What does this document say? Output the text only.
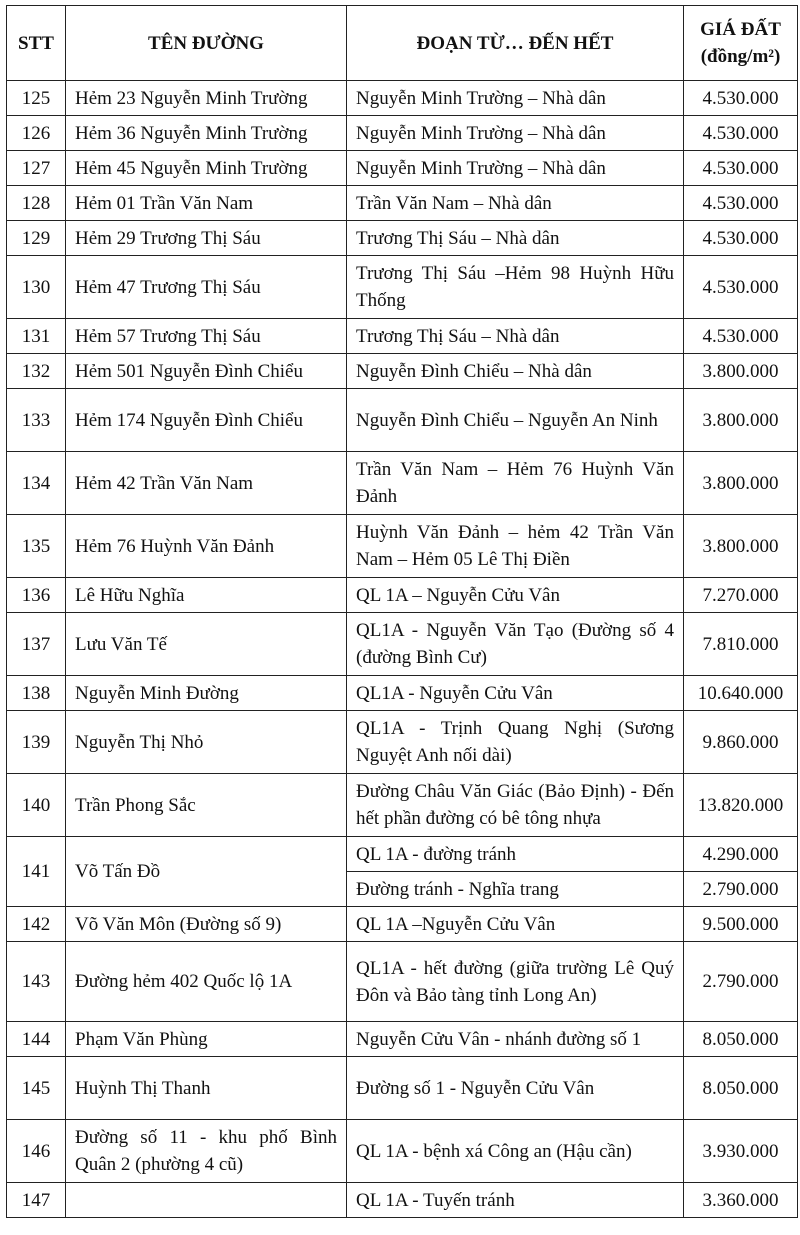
STT	TÊN ĐƯỜNG	ĐOẠN TỪ… ĐẾN HẾT	GIÁ ĐẤT
(đồng/m²)

125	Hẻm 23 Nguyễn Minh Trường	Nguyễn Minh Trường – Nhà dân	4.530.000
126	Hẻm 36 Nguyễn Minh Trường	Nguyễn Minh Trường – Nhà dân	4.530.000
127	Hẻm 45 Nguyễn Minh Trường	Nguyễn Minh Trường – Nhà dân	4.530.000
128	Hẻm 01 Trần Văn Nam	Trần Văn Nam – Nhà dân	4.530.000
129	Hẻm 29 Trương Thị Sáu	Trương Thị Sáu – Nhà dân	4.530.000
130	Hẻm 47 Trương Thị Sáu	Trương Thị Sáu –Hẻm 98 Huỳnh Hữu Thống	4.530.000
131	Hẻm 57 Trương Thị Sáu	Trương Thị Sáu – Nhà dân	4.530.000
132	Hẻm 501 Nguyễn Đình Chiểu	Nguyễn Đình Chiểu – Nhà dân	3.800.000
133	Hẻm 174 Nguyễn Đình Chiểu	Nguyễn Đình Chiểu – Nguyễn An Ninh	3.800.000
134	Hẻm 42 Trần Văn Nam	Trần Văn Nam – Hẻm 76 Huỳnh Văn Đảnh	3.800.000
135	Hẻm 76 Huỳnh Văn Đảnh	Huỳnh Văn Đảnh – hẻm 42 Trần Văn Nam – Hẻm 05 Lê Thị Điền	3.800.000
136	Lê Hữu Nghĩa	QL 1A – Nguyễn Cửu Vân	7.270.000
137	Lưu Văn Tế	QL1A - Nguyễn Văn Tạo (Đường số 4 (đường Bình Cư)	7.810.000
138	Nguyễn Minh Đường	QL1A - Nguyễn Cửu Vân	10.640.000
139	Nguyễn Thị Nhỏ	QL1A - Trịnh Quang Nghị (Sương Nguyệt Anh nối dài)	9.860.000
140	Trần Phong Sắc	Đường Châu Văn Giác (Bảo Định) - Đến hết phần đường có bê tông nhựa	13.820.000
141	Võ Tấn Đồ	QL 1A - đường tránh	4.290.000
		Đường tránh - Nghĩa trang	2.790.000
142	Võ Văn Môn (Đường số 9)	QL 1A –Nguyễn Cửu Vân	9.500.000
143	Đường hẻm 402 Quốc lộ 1A	QL1A - hết đường (giữa trường Lê Quý Đôn và Bảo tàng tỉnh Long An)	2.790.000
144	Phạm Văn Phùng	Nguyễn Cửu Vân - nhánh đường số 1	8.050.000
145	Huỳnh Thị Thanh	Đường số 1 - Nguyễn Cửu Vân	8.050.000
146	Đường số 11 - khu phố Bình Quân 2 (phường 4 cũ)	QL 1A - bệnh xá Công an (Hậu cần)	3.930.000
147		QL 1A - Tuyến tránh	3.360.000
